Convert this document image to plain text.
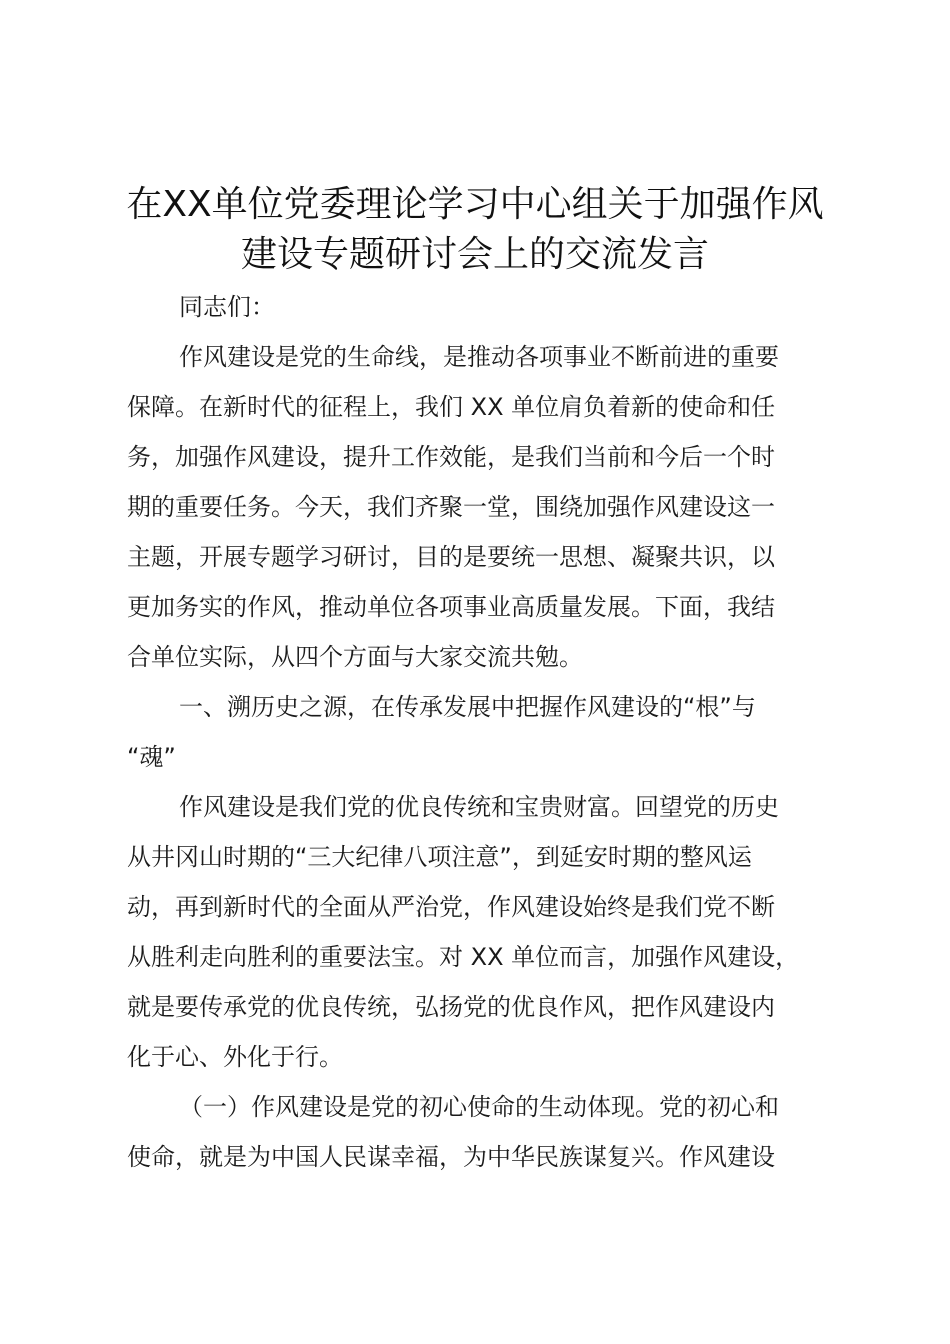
在XX单位党委理论学习中心组关于加强作风
建设专题研讨会上的交流发言
同志们：
作风建设是党的生命线，是推动各项事业不断前进的重要
保障。在新时代的征程上，我们 XX 单位肩负着新的使命和任
务，加强作风建设，提升工作效能，是我们当前和今后一个时
期的重要任务。今天，我们齐聚一堂，围绕加强作风建设这一
主题，开展专题学习研讨，目的是要统一思想、凝聚共识，以
更加务实的作风，推动单位各项事业高质量发展。下面，我结
合单位实际，从四个方面与大家交流共勉。
一、溯历史之源，在传承发展中把握作风建设的“根”与
“魂”
作风建设是我们党的优良传统和宝贵财富。回望党的历史
从井冈山时期的“三大纪律八项注意”，到延安时期的整风运
动，再到新时代的全面从严治党，作风建设始终是我们党不断
从胜利走向胜利的重要法宝。对 XX 单位而言，加强作风建设，
就是要传承党的优良传统，弘扬党的优良作风，把作风建设内
化于心、外化于行。
（一）作风建设是党的初心使命的生动体现。党的初心和
使命，就是为中国人民谋幸福，为中华民族谋复兴。作风建设
